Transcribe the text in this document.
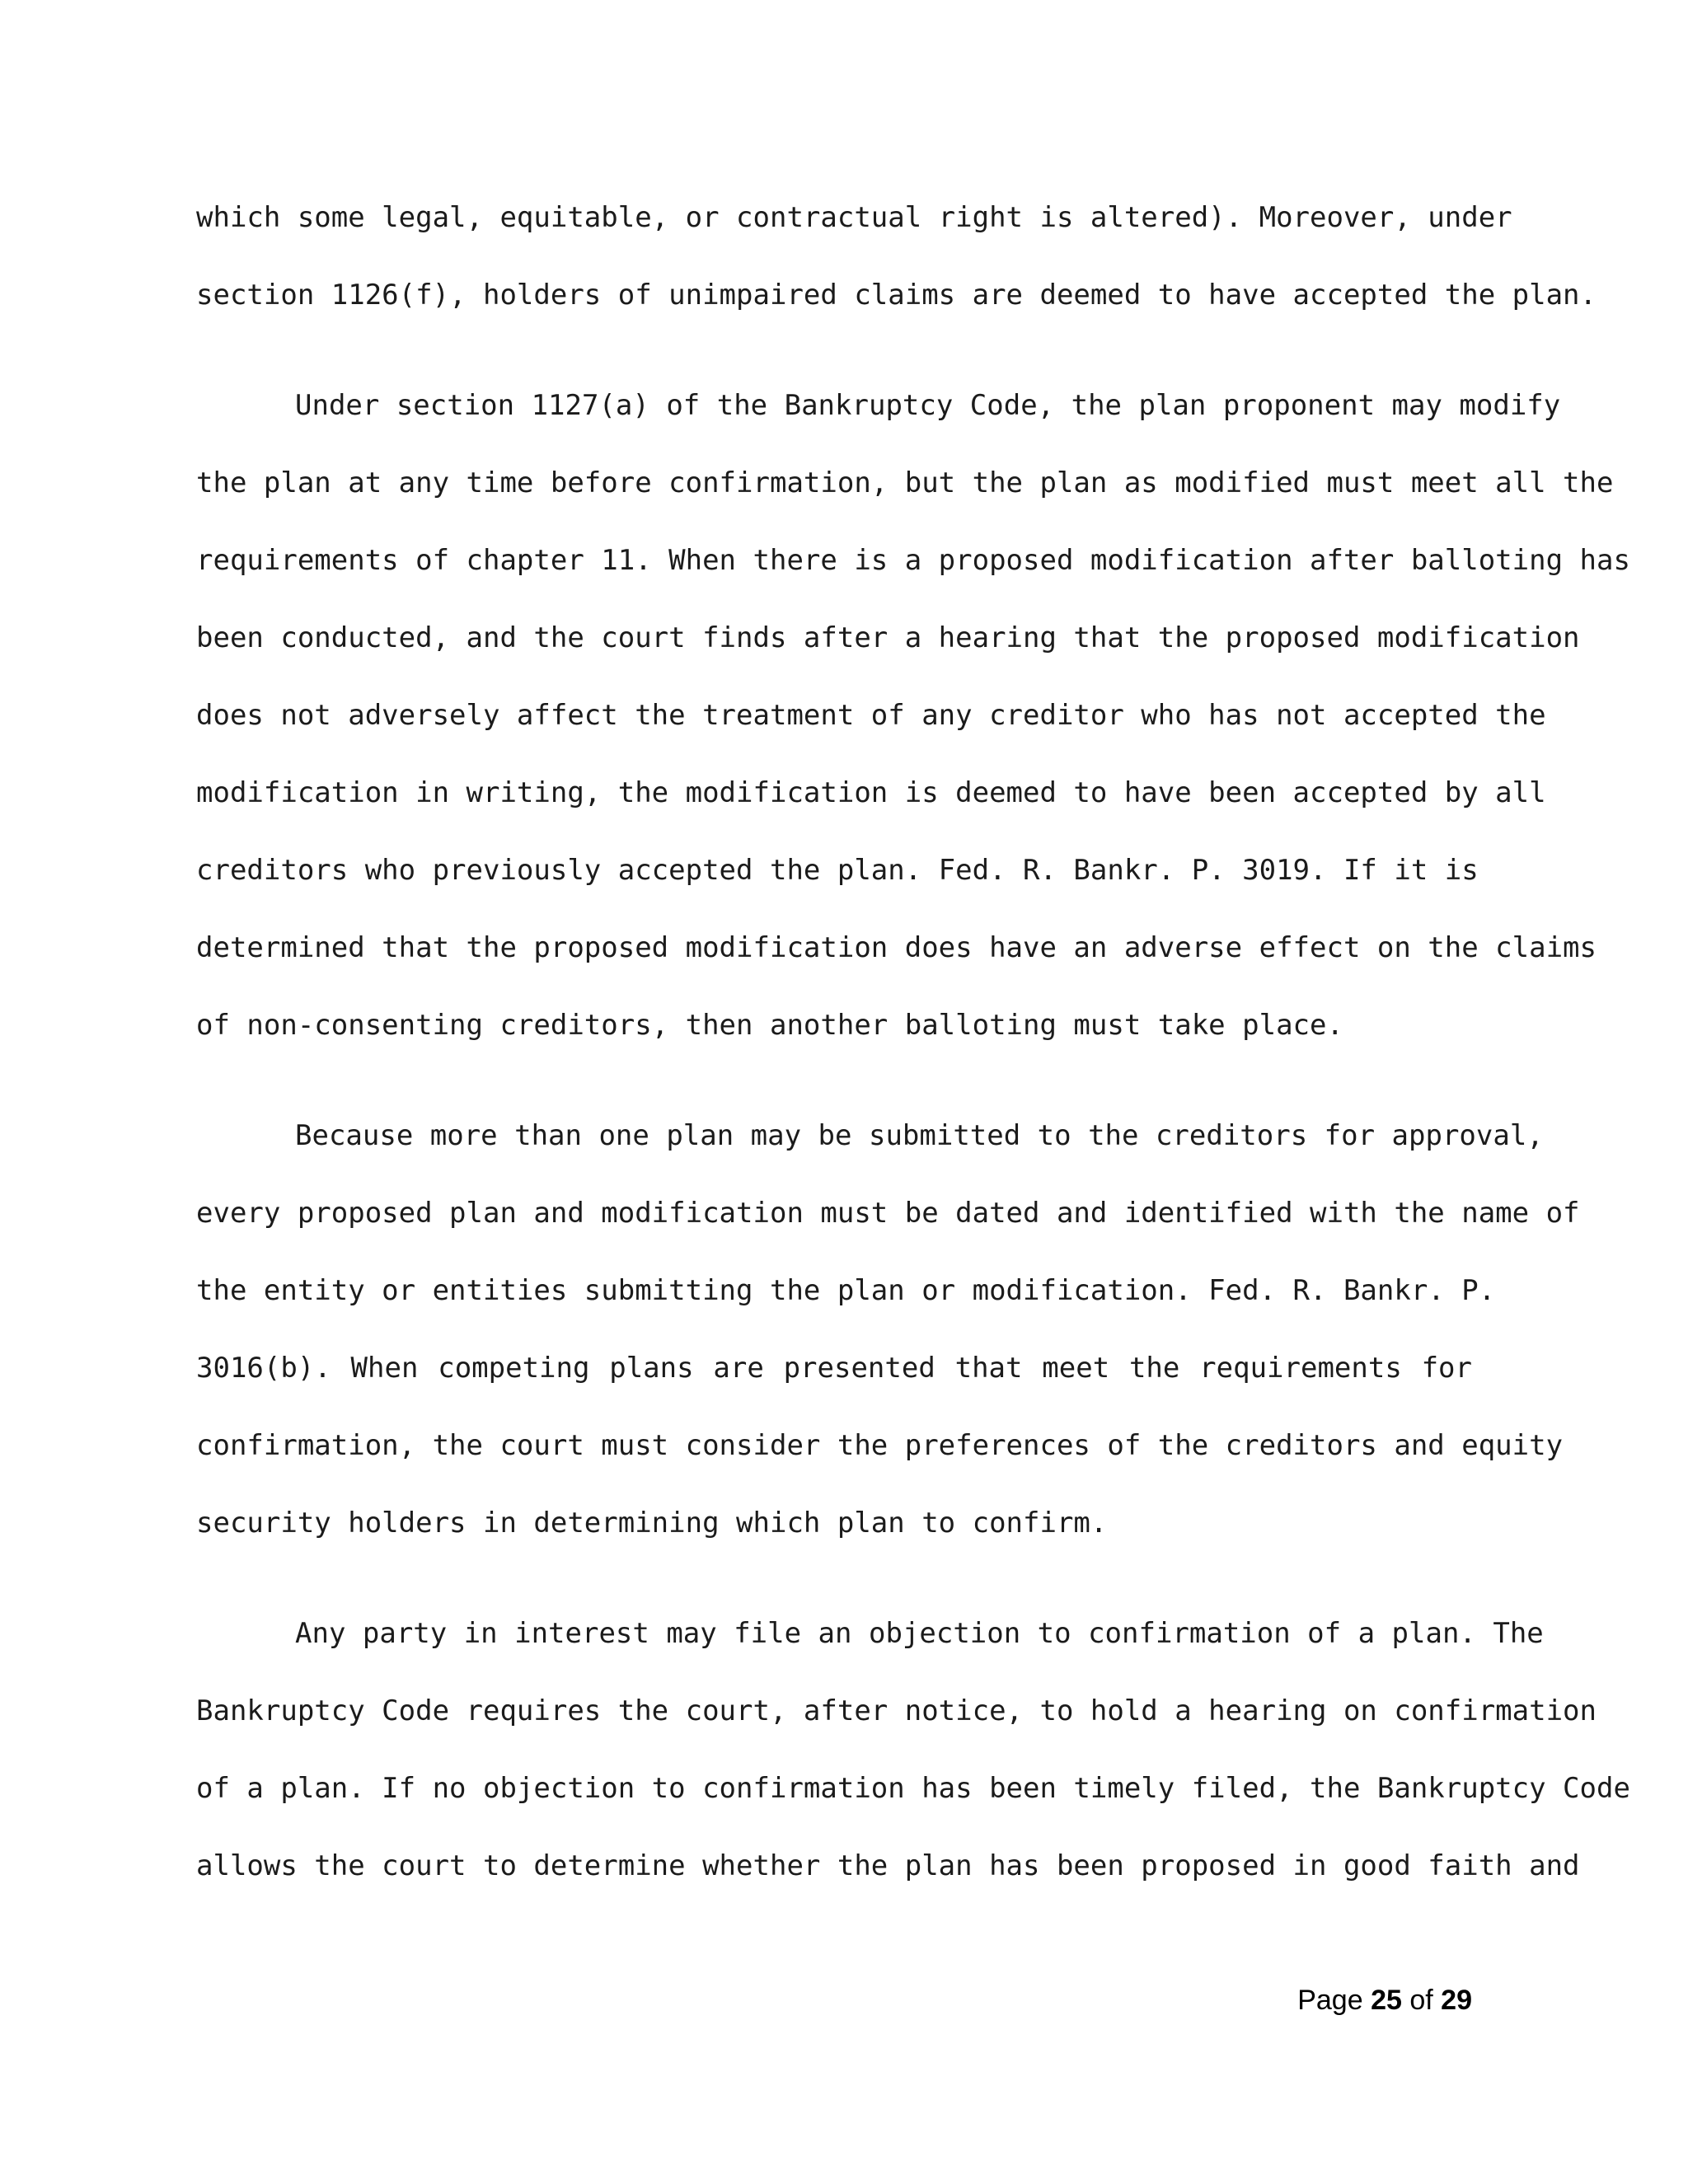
which some legal, equitable, or contractual right is altered). Moreover, under
section 1126(f), holders of unimpaired claims are deemed to have accepted the plan.
Under section 1127(a) of the Bankruptcy Code, the plan proponent may modify
the plan at any time before confirmation, but the plan as modified must meet all the
requirements of chapter 11. When there is a proposed modification after balloting has
been conducted, and the court finds after a hearing that the proposed modification
does not adversely affect the treatment of any creditor who has not accepted the
modification in writing, the modification is deemed to have been accepted by all
creditors who previously accepted the plan. Fed. R. Bankr. P. 3019. If it is
determined that the proposed modification does have an adverse effect on the claims
of non-consenting creditors, then another balloting must take place.
Because more than one plan may be submitted to the creditors for approval,
every proposed plan and modification must be dated and identified with the name of
the entity or entities submitting the plan or modification. Fed. R. Bankr. P.
3016(b). When competing plans are presented that meet the requirements for
confirmation, the court must consider the preferences of the creditors and equity
security holders in determining which plan to confirm.
Any party in interest may file an objection to confirmation of a plan. The
Bankruptcy Code requires the court, after notice, to hold a hearing on confirmation
of a plan. If no objection to confirmation has been timely filed, the Bankruptcy Code
allows the court to determine whether the plan has been proposed in good faith and
Page 25 of 29
